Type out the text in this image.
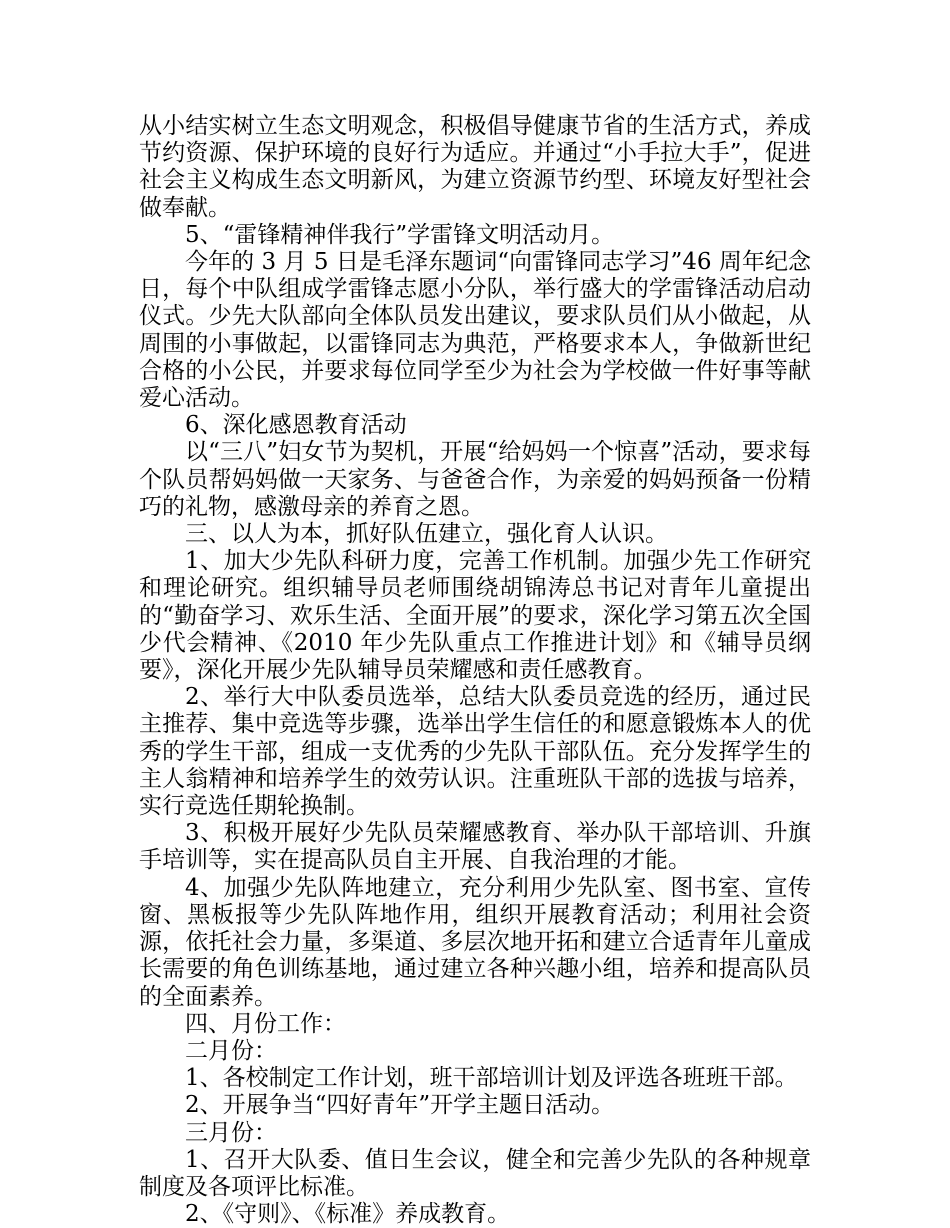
从小结实树立生态文明观念，积极倡导健康节省的生活方式，养成节约资源、保护环境的良好行为适应。并通过“小手拉大手”，促进社会主义构成生态文明新风，为建立资源节约型、环境友好型社会做奉献。

5、“雷锋精神伴我行”学雷锋文明活动月。

今年的 3 月 5 日是毛泽东题词“向雷锋同志学习”46 周年纪念日，每个中队组成学雷锋志愿小分队，举行盛大的学雷锋活动启动仪式。少先大队部向全体队员发出建议，要求队员们从小做起，从周围的小事做起，以雷锋同志为典范，严格要求本人，争做新世纪合格的小公民，并要求每位同学至少为社会为学校做一件好事等献爱心活动。

6、深化感恩教育活动

以“三八”妇女节为契机，开展“给妈妈一个惊喜”活动，要求每个队员帮妈妈做一天家务、与爸爸合作，为亲爱的妈妈预备一份精巧的礼物，感激母亲的养育之恩。

三、以人为本，抓好队伍建立，强化育人认识。

1、加大少先队科研力度，完善工作机制。加强少先工作研究和理论研究。组织辅导员老师围绕胡锦涛总书记对青年儿童提出的“勤奋学习、欢乐生活、全面开展”的要求，深化学习第五次全国少代会精神、《2010 年少先队重点工作推进计划》和《辅导员纲要》，深化开展少先队辅导员荣耀感和责任感教育。

2、举行大中队委员选举，总结大队委员竞选的经历，通过民主推荐、集中竞选等步骤，选举出学生信任的和愿意锻炼本人的优秀的学生干部，组成一支优秀的少先队干部队伍。充分发挥学生的主人翁精神和培养学生的效劳认识。注重班队干部的选拔与培养，实行竞选任期轮换制。

3、积极开展好少先队员荣耀感教育、举办队干部培训、升旗手培训等，实在提高队员自主开展、自我治理的才能。

4、加强少先队阵地建立，充分利用少先队室、图书室、宣传窗、黑板报等少先队阵地作用，组织开展教育活动；利用社会资源，依托社会力量，多渠道、多层次地开拓和建立合适青年儿童成长需要的角色训练基地，通过建立各种兴趣小组，培养和提高队员的全面素养。

四、月份工作：

二月份：

1、各校制定工作计划，班干部培训计划及评选各班班干部。

2、开展争当“四好青年”开学主题日活动。

三月份：

1、召开大队委、值日生会议，健全和完善少先队的各种规章制度及各项评比标准。

2、《守则》、《标准》养成教育。
